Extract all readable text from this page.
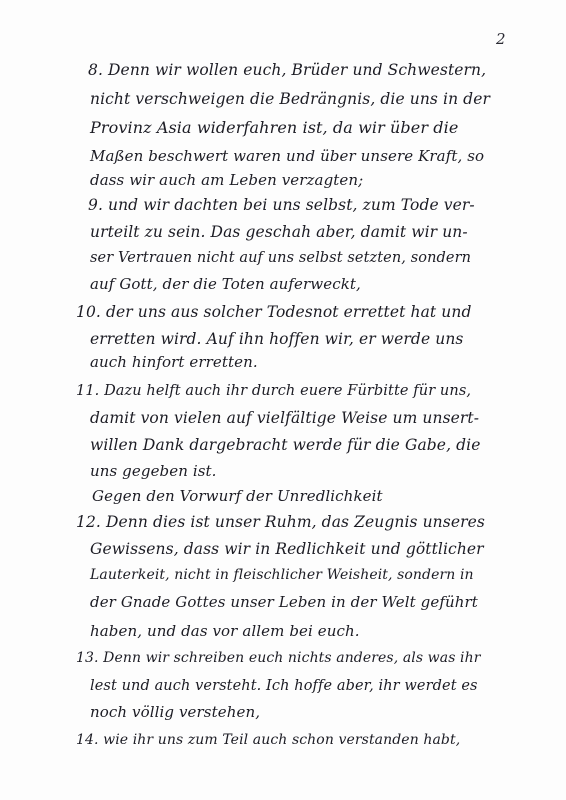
2
8. Denn wir wollen euch, Brüder und Schwestern,
nicht verschweigen die Bedrängnis, die uns in der
Provinz Asia widerfahren ist, da wir über die
Maßen beschwert waren und über unsere Kraft, so
dass wir auch am Leben verzagten;
9. und wir dachten bei uns selbst, zum Tode ver-
urteilt zu sein. Das geschah aber, damit wir un-
ser Vertrauen nicht auf uns selbst setzten, sondern
auf Gott, der die Toten auferweckt,
10. der uns aus solcher Todesnot errettet hat und
erretten wird. Auf ihn hoffen wir, er werde uns
auch hinfort erretten.
11. Dazu helft auch ihr durch euere Fürbitte für uns,
damit von vielen auf vielfältige Weise um unsert-
willen Dank dargebracht werde für die Gabe, die
uns gegeben ist.
Gegen den Vorwurf der Unredlichkeit
12. Denn dies ist unser Ruhm, das Zeugnis unseres
Gewissens, dass wir in Redlichkeit und göttlicher
Lauterkeit, nicht in fleischlicher Weisheit, sondern in
der Gnade Gottes unser Leben in der Welt geführt
haben, und das vor allem bei euch.
13. Denn wir schreiben euch nichts anderes, als was ihr
lest und auch versteht. Ich hoffe aber, ihr werdet es
noch völlig verstehen,
14. wie ihr uns zum Teil auch schon verstanden habt,
